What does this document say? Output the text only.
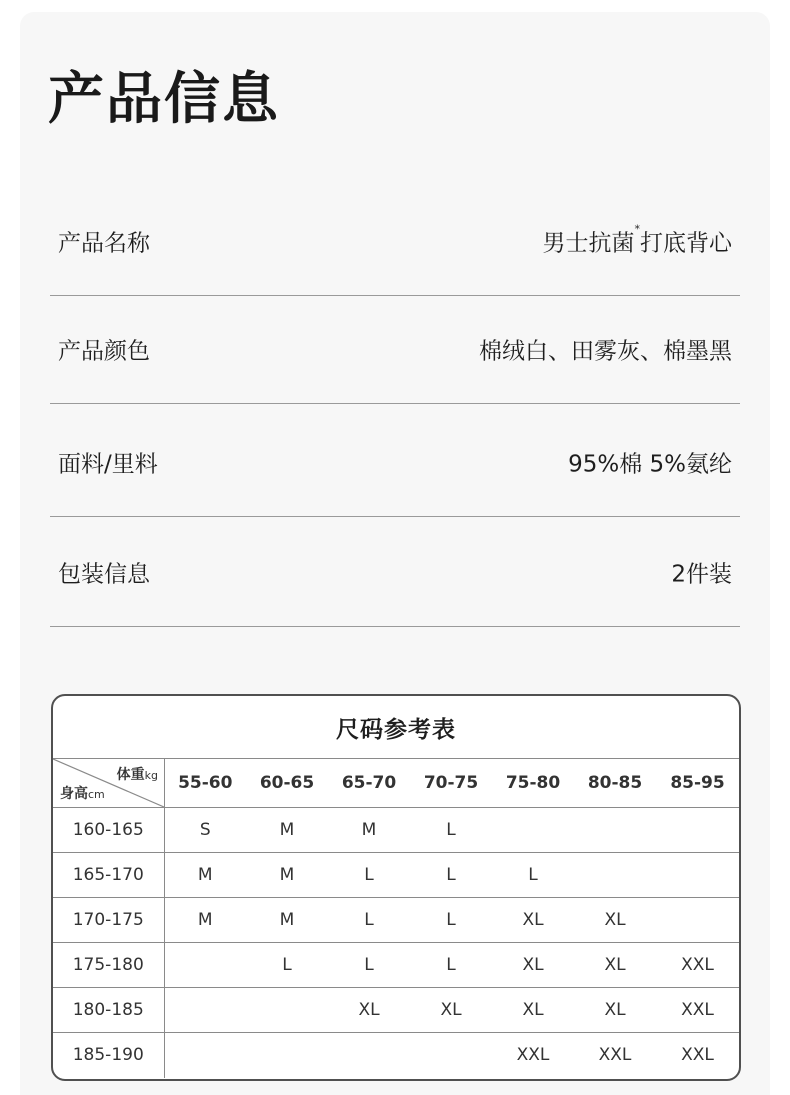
产品信息
产品名称	男士抗菌*打底背心
产品颜色	棉绒白、田雾灰、棉墨黑
面料/里料	95%棉 5%氨纶
包装信息	2件装
尺码参考表
体重kg
身高cm	55-60	60-65	65-70	70-75	75-80	80-85	85-95
160-165	S	M	M	L			
165-170	M	M	L	L	L		
170-175	M	M	L	L	XL	XL	
175-180		L	L	L	XL	XL	XXL
180-185			XL	XL	XL	XL	XXL
185-190					XXL	XXL	XXL
